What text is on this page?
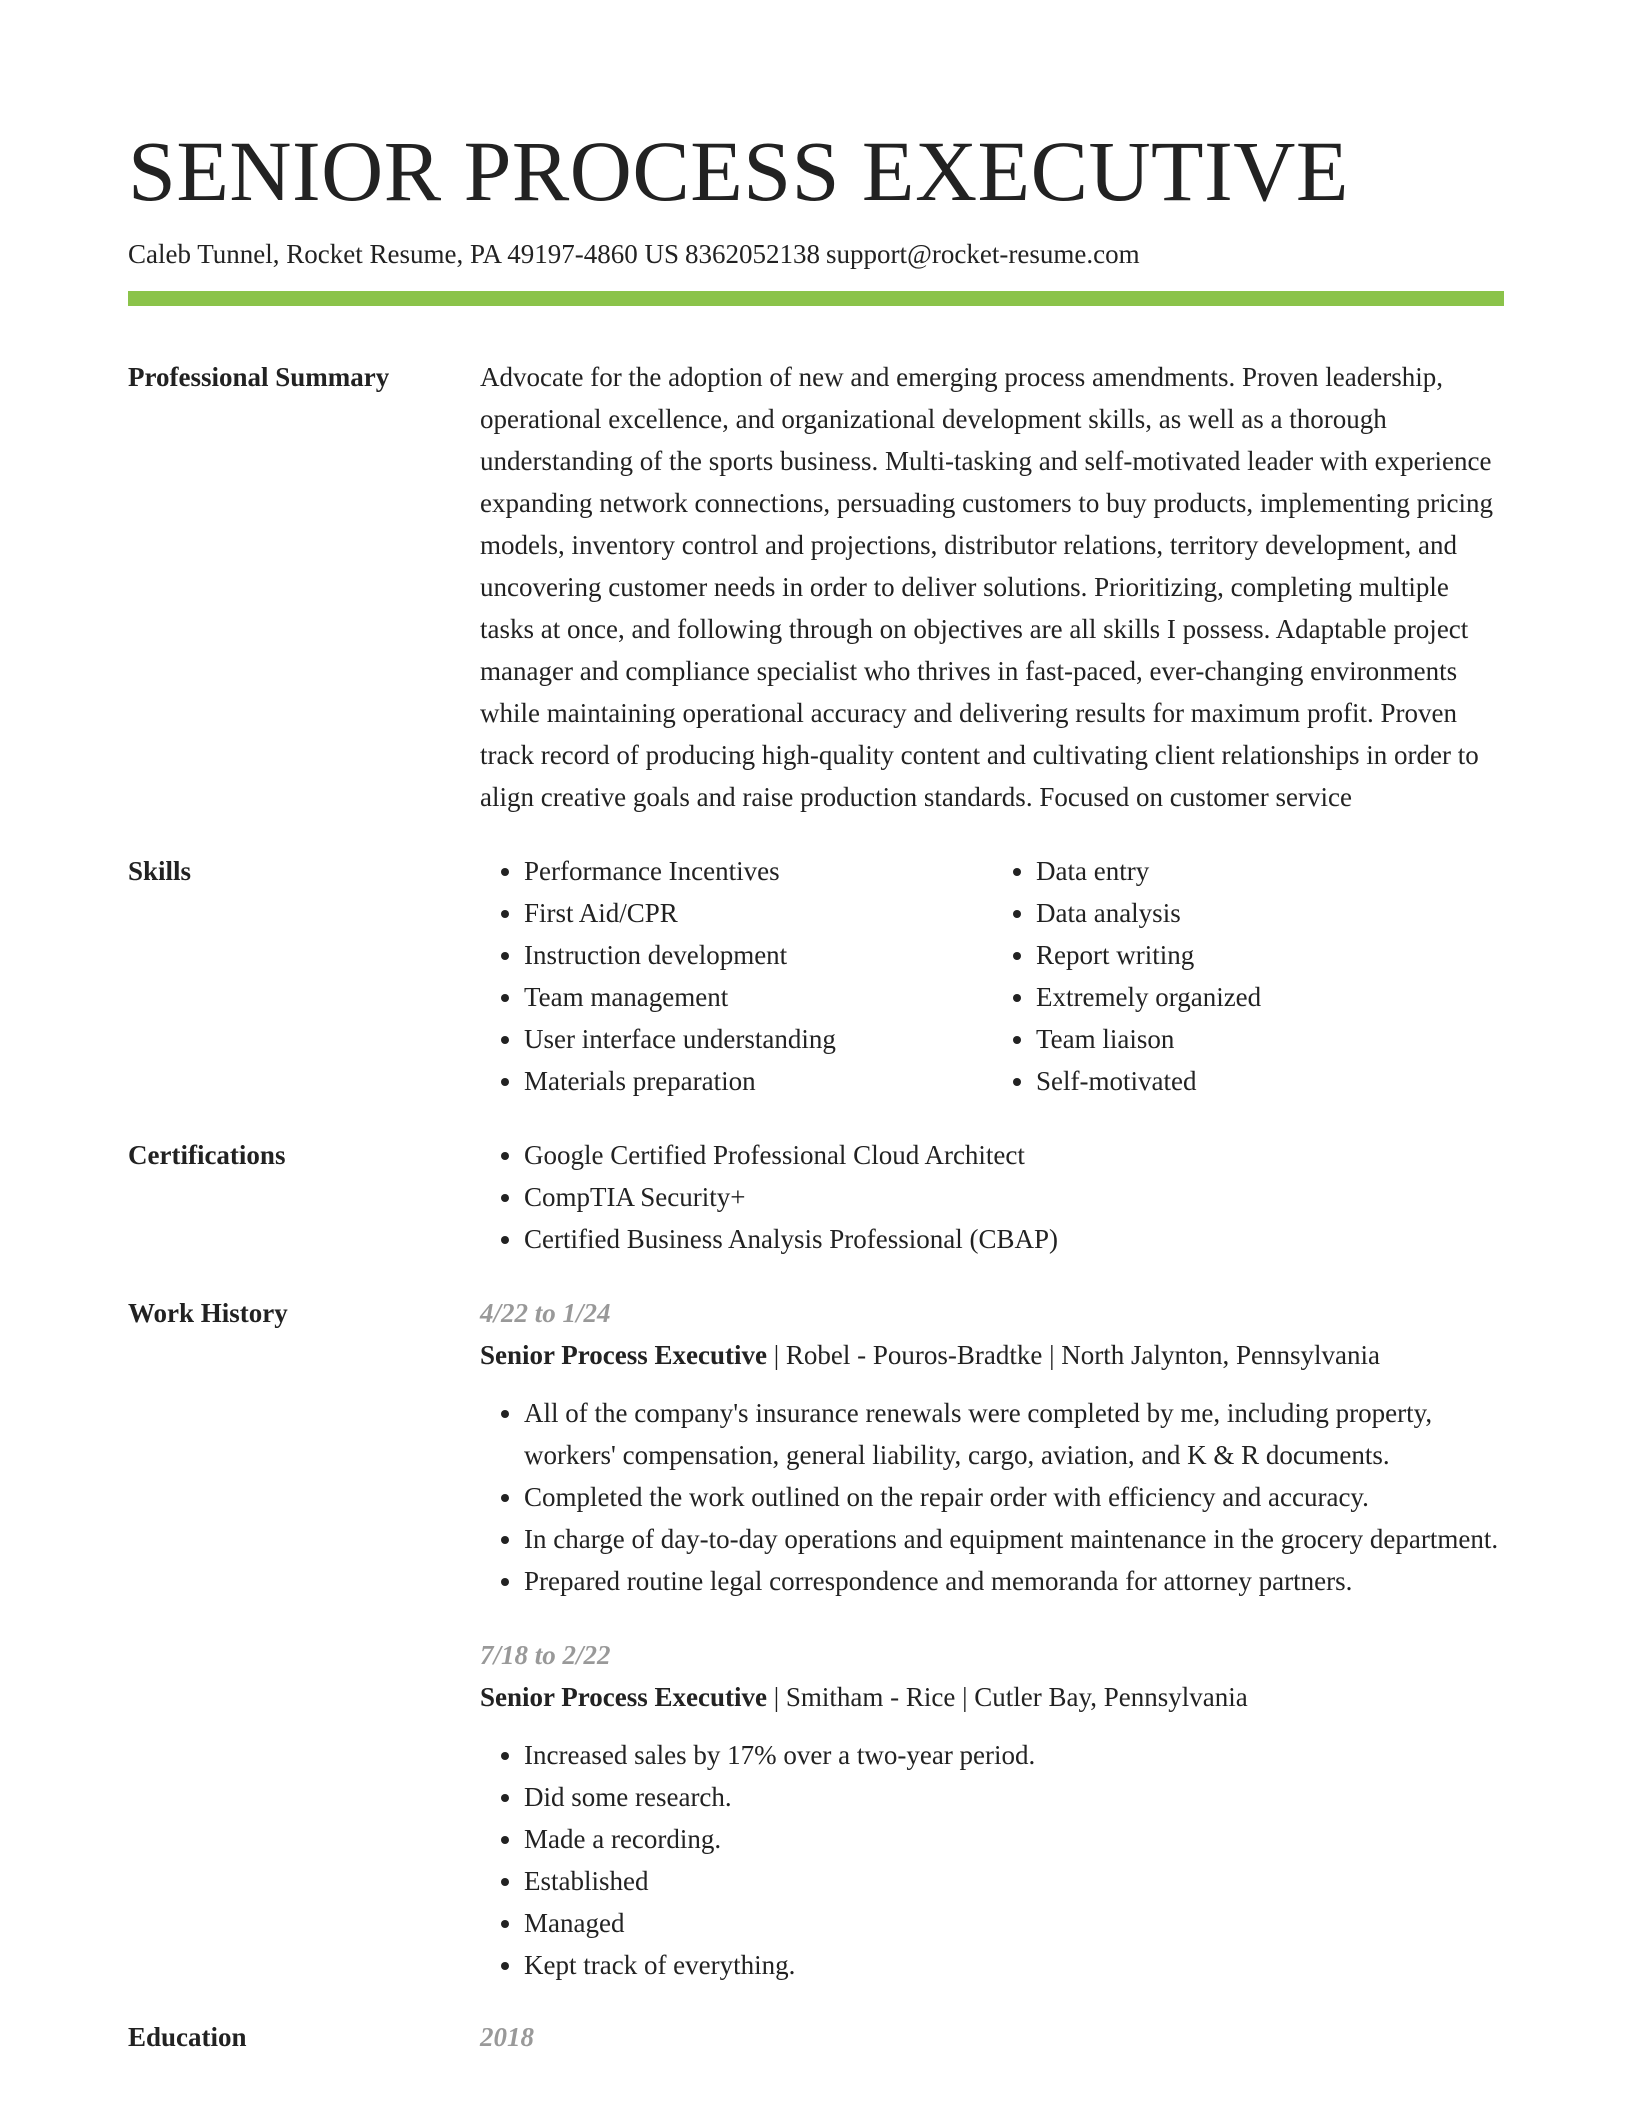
SENIOR PROCESS EXECUTIVE
Caleb Tunnel, Rocket Resume, PA 49197-4860 US 8362052138 support@rocket-resume.com
Professional Summary	Advocate for the adoption of new and emerging process amendments. Proven leadership, operational excellence, and organizational development skills, as well as a thorough understanding of the sports business. Multi-tasking and self-motivated leader with experience expanding network connections, persuading customers to buy products, implementing pricing models, inventory control and projections, distributor relations, territory development, and uncovering customer needs in order to deliver solutions. Prioritizing, completing multiple tasks at once, and following through on objectives are all skills I possess. Adaptable project manager and compliance specialist who thrives in fast-paced, ever-changing environments while maintaining operational accuracy and delivering results for maximum profit. Proven track record of producing high-quality content and cultivating client relationships in order to align creative goals and raise production standards. Focused on customer service

Skills	• Performance Incentives
• First Aid/CPR
• Instruction development
• Team management
• User interface understanding
• Materials preparation
• Data entry
• Data analysis
• Report writing
• Extremely organized
• Team liaison
• Self-motivated
Certifications	• Google Certified Professional Cloud Architect
• CompTIA Security+
• Certified Business Analysis Professional (CBAP)
Work History	4/22 to 1/24
Senior Process Executive | Robel - Pouros-Bradtke | North Jalynton, Pennsylvania
• All of the company's insurance renewals were completed by me, including property, workers' compensation, general liability, cargo, aviation, and K & R documents.
• Completed the work outlined on the repair order with efficiency and accuracy.
• In charge of day-to-day operations and equipment maintenance in the grocery department.
• Prepared routine legal correspondence and memoranda for attorney partners.
7/18 to 2/22
Senior Process Executive | Smitham - Rice | Cutler Bay, Pennsylvania
• Increased sales by 17% over a two-year period.
• Did some research.
• Made a recording.
• Established
• Managed
• Kept track of everything.
Education	2018
